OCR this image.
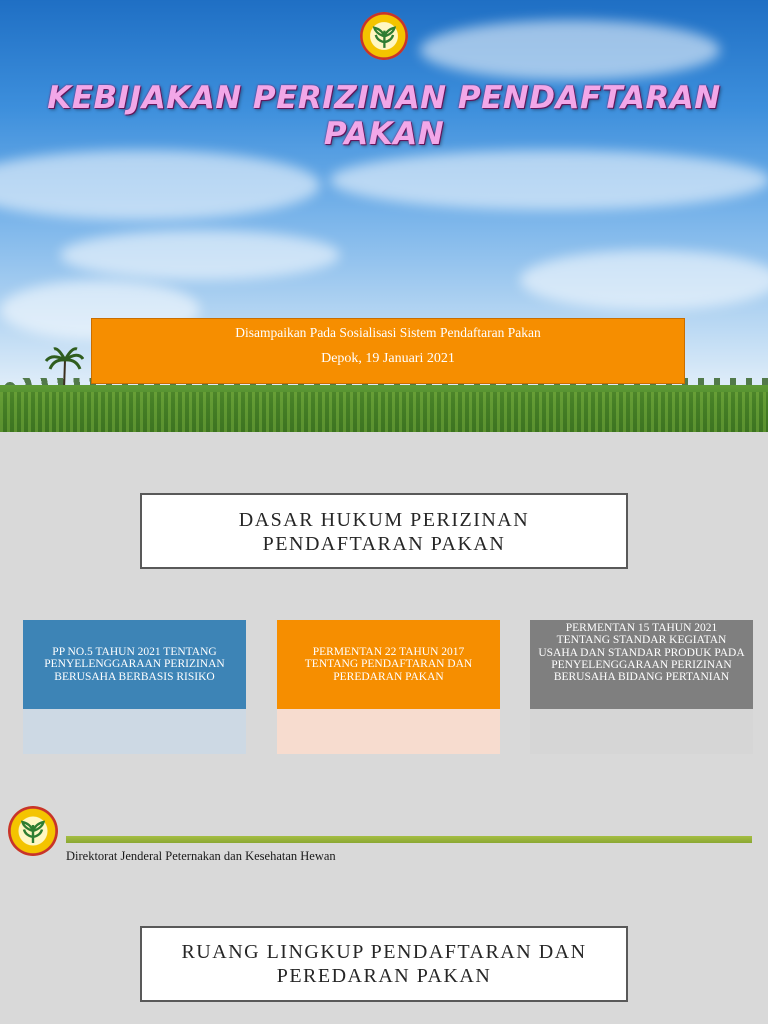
KEBIJAKAN PERIZINAN PENDAFTARAN PAKAN
Disampaikan Pada Sosialisasi Sistem Pendaftaran Pakan
Depok, 19 Januari 2021
DASAR HUKUM PERIZINAN
PENDAFTARAN PAKAN
PP NO.5 TAHUN 2021 TENTANG PENYELENGGARAAN PERIZINAN BERUSAHA BERBASIS RISIKO
PERMENTAN 22 TAHUN 2017 TENTANG PENDAFTARAN DAN PEREDARAN PAKAN
PERMENTAN 15 TAHUN 2021 TENTANG STANDAR KEGIATAN USAHA DAN STANDAR PRODUK PADA PENYELENGGARAAN PERIZINAN BERUSAHA BIDANG PERTANIAN
Direktorat Jenderal Peternakan dan Kesehatan Hewan
RUANG LINGKUP PENDAFTARAN DAN
PEREDARAN PAKAN
